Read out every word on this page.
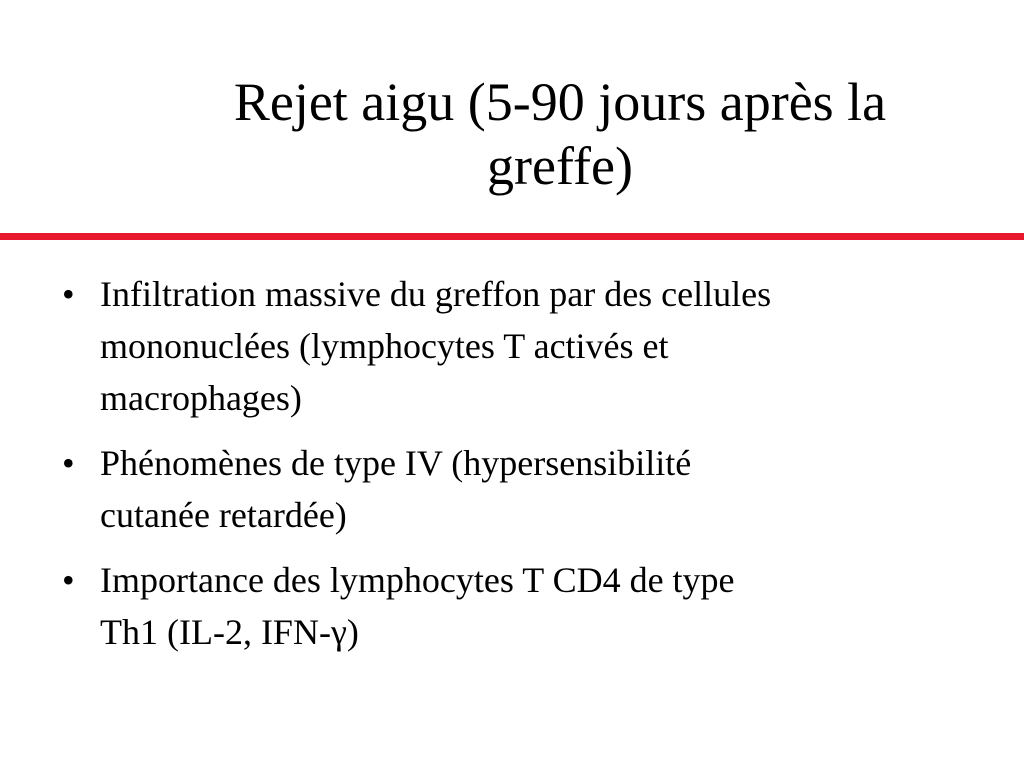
Rejet aigu (5-90 jours après la
greffe)
• Infiltration massive du greffon par des cellules
mononuclées (lymphocytes T activés et
macrophages)
• Phénomènes de type IV (hypersensibilité
cutanée retardée)
• Importance des lymphocytes T CD4 de type
Th1 (IL-2, IFN-γ)
